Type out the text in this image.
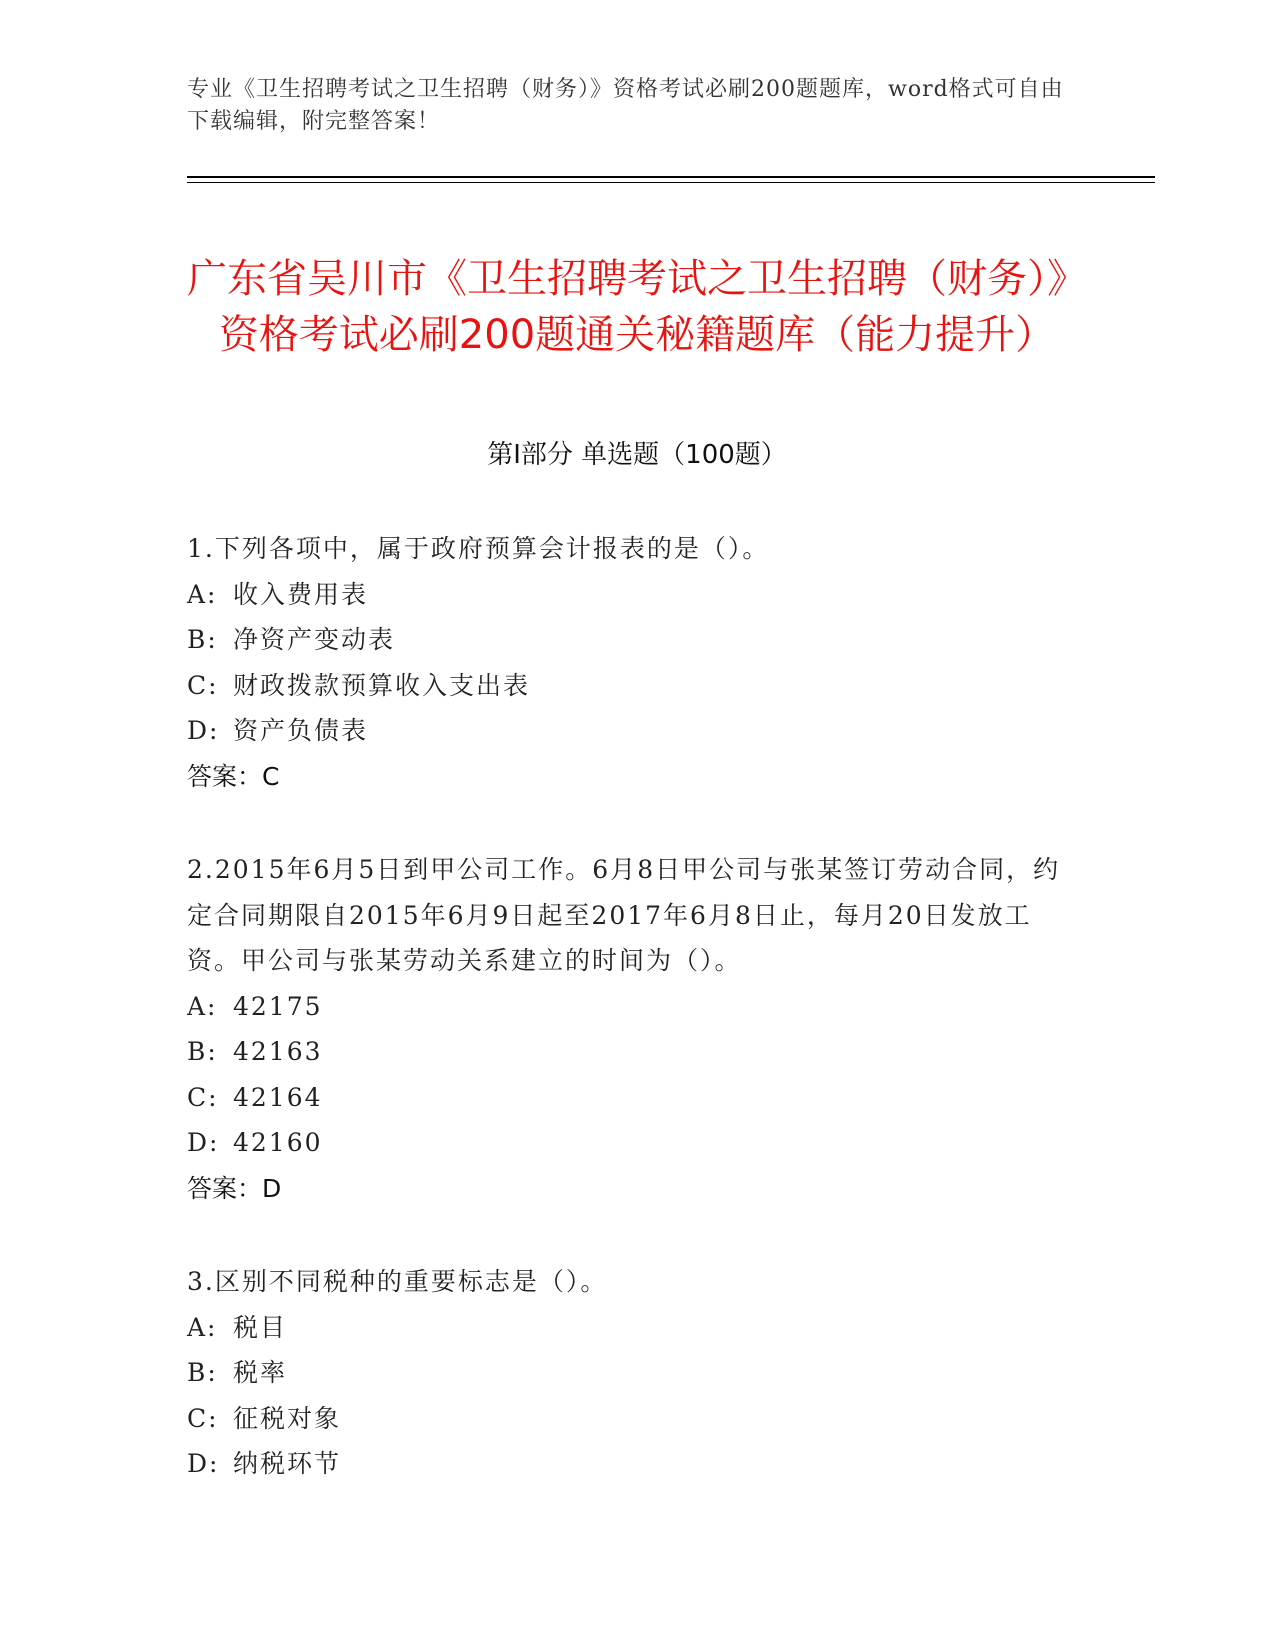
专业《卫生招聘考试之卫生招聘（财务）》资格考试必刷200题题库，word格式可自由下载编辑，附完整答案！
广东省吴川市《卫生招聘考试之卫生招聘（财务）》资格考试必刷200题通关秘籍题库（能力提升）
第Ⅰ部分 单选题（100题）
1.下列各项中，属于政府预算会计报表的是（）。
A: 收入费用表
B: 净资产变动表
C: 财政拨款预算收入支出表
D: 资产负债表
答案：C
2.2015年6月5日到甲公司工作。6月8日甲公司与张某签订劳动合同，约定合同期限自2015年6月9日起至2017年6月8日止，每月20日发放工资。甲公司与张某劳动关系建立的时间为（）。
A: 42175
B: 42163
C: 42164
D: 42160
答案：D
3.区别不同税种的重要标志是（）。
A: 税目
B: 税率
C: 征税对象
D: 纳税环节
